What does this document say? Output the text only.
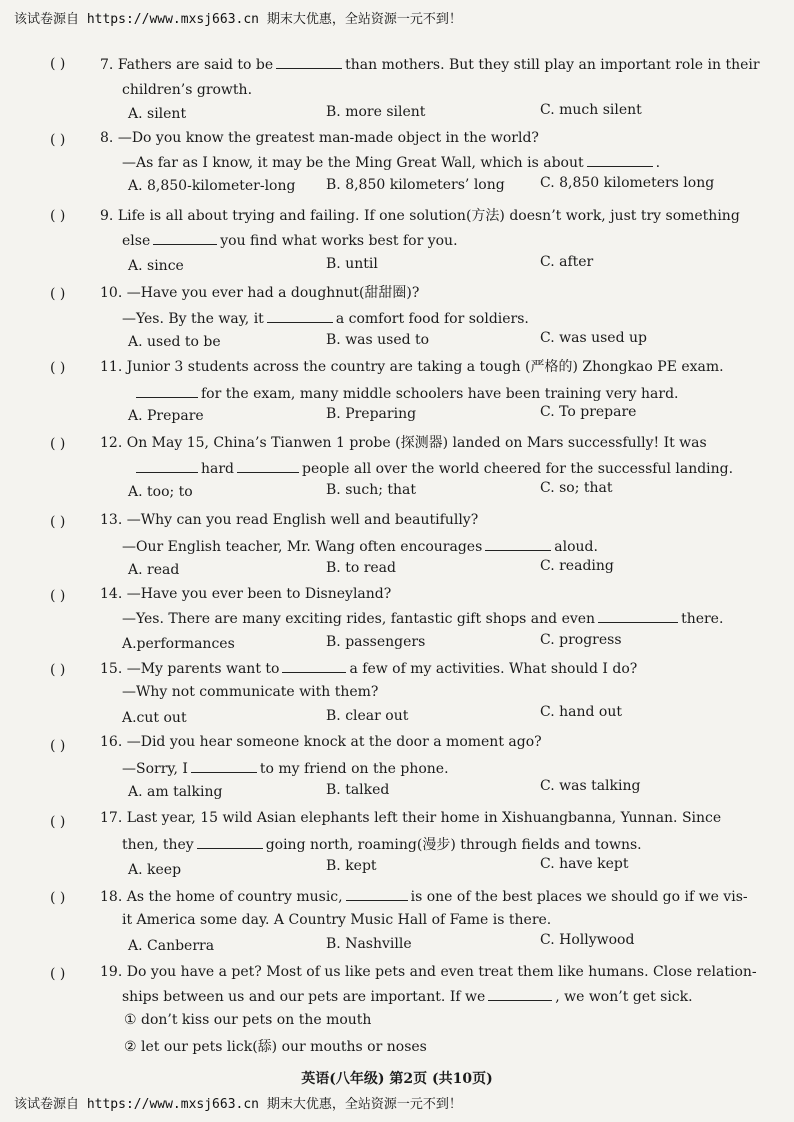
该试卷源自 https://www.mxsj663.cn 期末大优惠，全站资源一元不到！
( ) 7. Fathers are said to be	than mothers. But they still play an important role in their
children’s growth.
A. silent	B. more silent	C. much silent
( ) 8. —Do you know the greatest man-made object in the world?
—As far as I know, it may be the Ming Great Wall, which is about	.
A. 8,850-kilometer-long B. 8,850 kilometers’ long	C. 8,850 kilometers long
( ) 9. Life is all about trying and failing. If one solution(方法) doesn’t work, just try something
else	you find what works best for you.
A. since	B. until	C. after
( ) 10. —Have you ever had a doughnut(甜甜圈)?
—Yes. By the way, it	a comfort food for soldiers.
A. used to be	B. was used to	C. was used up
( ) 11. Junior 3 students across the country are taking a tough (严格的) Zhongkao PE exam.
for the exam, many middle schoolers have been training very hard.
A. Prepare	B. Preparing	C. To prepare
( ) 12. On May 15, China’s Tianwen 1 probe (探测器) landed on Mars successfully! It was
hard	people all over the world cheered for the successful landing.
A. too; to	B. such; that	C. so; that
( ) 13. —Why can you read English well and beautifully?
—Our English teacher, Mr. Wang often encourages	aloud.
A. read	B. to read	C. reading
( ) 14. —Have you ever been to Disneyland?
—Yes. There are many exciting rides, fantastic gift shops and even	there.
A.performances	B. passengers	C. progress
( ) 15. —My parents want to	a few of my activities. What should I do?
—Why not communicate with them?
A.cut out	B. clear out	C. hand out
( ) 16. —Did you hear someone knock at the door a moment ago?
—Sorry, I	to my friend on the phone.
A. am talking	B. talked	C. was talking
( ) 17. Last year, 15 wild Asian elephants left their home in Xishuangbanna, Yunnan. Since
then, they	going north, roaming(漫步) through fields and towns.
A. keep	B. kept	C. have kept
( ) 18. As the home of country music,	is one of the best places we should go if we vis-
it America some day. A Country Music Hall of Fame is there.
A. Canberra	B. Nashville	C. Hollywood
( ) 19. Do you have a pet? Most of us like pets and even treat them like humans. Close relation-
ships between us and our pets are important. If we	, we won’t get sick.
① don’t kiss our pets on the mouth
② let our pets lick(舔) our mouths or noses
英语(八年级) 第2页 (共10页)
该试卷源自 https://www.mxsj663.cn 期末大优惠，全站资源一元不到！
